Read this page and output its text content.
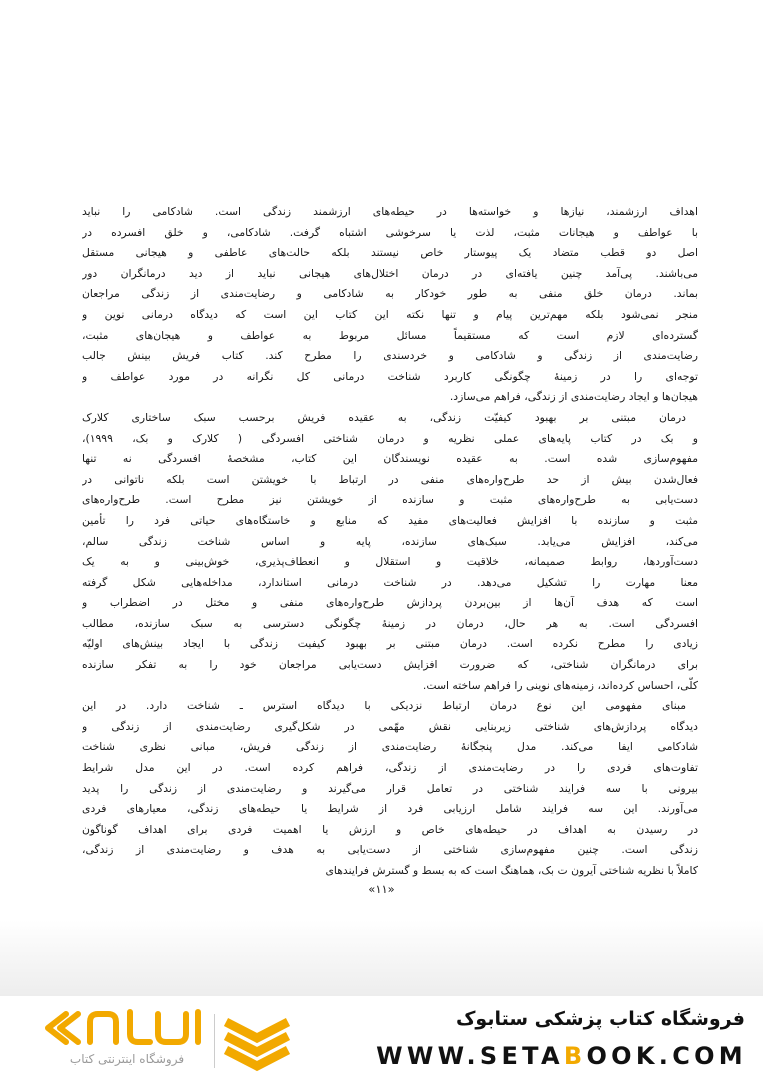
اهداف ارزشمند، نیازها و خواسته‌ها در حیطه‌های ارزشمند زندگی است. شادکامی را نباید
با عواطف و هیجانات مثبت، لذت یا سرخوشی اشتباه گرفت. شادکامی، و خلق افسرده در
اصل دو قطب متضاد یک پیوستار خاص نیستند بلکه حالت‌های عاطفی و هیجانی مستقل
می‌باشند. پی‌آمد چنین یافته‌ای در درمان اختلال‌های هیجانی نباید از دید درمانگران دور
بماند. درمان خلق منفی به طور خودکار به شادکامی و رضایت‌مندی از زندگی مراجعان
منجر نمی‌شود بلکه مهم‌ترین پیام و تنها نکته این کتاب این است که دیدگاه درمانی نوین و
گسترده‌ای لازم است که مستقیماً مسائل مربوط به عواطف و هیجان‌های مثبت،
رضایت‌مندی از زندگی و شادکامی و خردسندی را مطرح کند. کتاب فریش بینش جالب
توجه‌ای را در زمینهٔ چگونگی کاربرد شناخت درمانی کل نگرانه در مورد عواطف و
هیجان‌ها و ایجاد رضایت‌مندی از زندگی، فراهم می‌سازد.
درمان مبتنی بر بهبود کیفیّت زندگی، به عقیده فریش برحسب سبک ساختاری کلارک
و بک در کتاب پایه‌های عملی نظریه و درمان شناختی افسردگی ( کلارک و بک، ۱۹۹۹)،
مفهوم‌سازی شده است. به عقیده نویسندگان این کتاب، مشخصهٔ افسردگی نه تنها
فعال‌شدن بیش از حد طرح‌واره‌های منفی در ارتباط با خویشتن است بلکه ناتوانی در
دست‌یابی به طرح‌واره‌های مثبت و سازنده از خویشتن نیز مطرح است. طرح‌واره‌های
مثبت و سازنده با افزایش فعالیت‌های مفید که منابع و خاستگاه‌های حیاتی فرد را تأمین
می‌کند، افزایش می‌یابد. سبک‌های سازنده، پایه و اساس شناخت زندگی سالم،
دست‌آوردها، روابط صمیمانه، خلاقیت و استقلال و انعطاف‌پذیری، خوش‌بینی و به یک
معنا مهارت را تشکیل می‌دهد. در شناخت درمانی استاندارد، مداخله‌هایی شکل گرفته
است که هدف آن‌ها از بین‌بردن پردازش طرح‌واره‌های منفی و مختل در اضطراب و
افسردگی است. به هر حال، درمان در زمینهٔ چگونگی دسترسی به سبک سازنده، مطالب
زیادی را مطرح نکرده است. درمان مبتنی بر بهبود کیفیت زندگی با ایجاد بینش‌های اولیّه
برای درمانگران شناختی، که ضرورت افزایش دست‌یابی مراجعان خود را به تفکر سازنده
کلّی، احساس کرده‌اند، زمینه‌های نوینی را فراهم ساخته است.
مبنای مفهومی این نوع درمان ارتباط نزدیکی با دیدگاه استرس ـ شناخت دارد. در این
دیدگاه پردازش‌های شناختی زیربنایی نقش مهّمی در شکل‌گیری رضایت‌مندی از زندگی و
شادکامی ایفا می‌کند. مدل پنجگانهٔ رضایت‌مندی از زندگی فریش، مبانی نظری شناخت
تفاوت‌های فردی را در رضایت‌مندی از زندگی، فراهم کرده است. در این مدل شرایط
بیرونی با سه فرایند شناختی در تعامل قرار می‌گیرند و رضایت‌مندی از زندگی را پدید
می‌آورند. این سه فرایند شامل ارزیابی فرد از شرایط یا حیطه‌های زندگی، معیارهای فردی
در رسیدن به اهداف در حیطه‌های خاص و ارزش یا اهمیت فردی برای اهداف گوناگون
زندگی است. چنین مفهوم‌سازی شناختی از دست‌یابی به هدف و رضایت‌مندی از زندگی،
کاملاً با نظریه شناختی آیرون ت بک، هماهنگ است که به بسط و گسترش فرایندهای
«۱۱»
فروشگاه اینترنتی کتاب
فروشگاه کتاب پزشکی ستابوک
WWW.SETABOOK.COM
